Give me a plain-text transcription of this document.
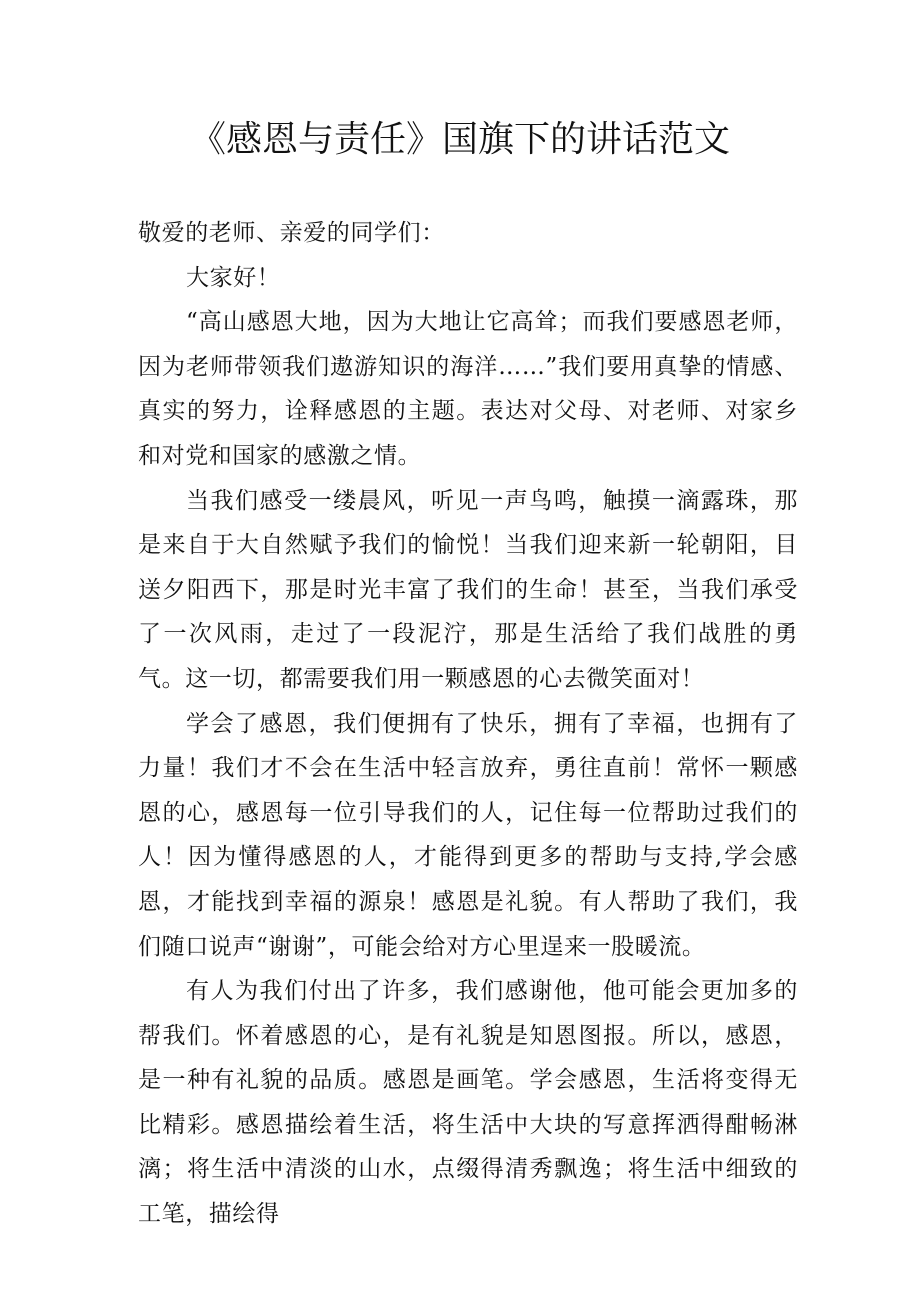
《感恩与责任》国旗下的讲话范文

敬爱的老师、亲爱的同学们：

大家好！

“高山感恩大地，因为大地让它高耸；而我们要感恩老师，因为老师带领我们遨游知识的海洋……”我们要用真挚的情感、真实的努力，诠释感恩的主题。表达对父母、对老师、对家乡和对党和国家的感激之情。

当我们感受一缕晨风，听见一声鸟鸣，触摸一滴露珠，那是来自于大自然赋予我们的愉悦！当我们迎来新一轮朝阳，目送夕阳西下，那是时光丰富了我们的生命！甚至，当我们承受了一次风雨，走过了一段泥泞，那是生活给了我们战胜的勇气。这一切，都需要我们用一颗感恩的心去微笑面对！

学会了感恩，我们便拥有了快乐，拥有了幸福，也拥有了力量！我们才不会在生活中轻言放弃，勇往直前！常怀一颗感恩的心，感恩每一位引导我们的人，记住每一位帮助过我们的人！因为懂得感恩的人，才能得到更多的帮助与支持,学会感恩，才能找到幸福的源泉！感恩是礼貌。有人帮助了我们，我们随口说声“谢谢”，可能会给对方心里逞来一股暖流。

有人为我们付出了许多，我们感谢他，他可能会更加多的帮我们。怀着感恩的心，是有礼貌是知恩图报。所以，感恩，是一种有礼貌的品质。感恩是画笔。学会感恩，生活将变得无比精彩。感恩描绘着生活，将生活中大块的写意挥洒得酣畅淋漓；将生活中清淡的山水，点缀得清秀飘逸；将生活中细致的工笔，描绘得
